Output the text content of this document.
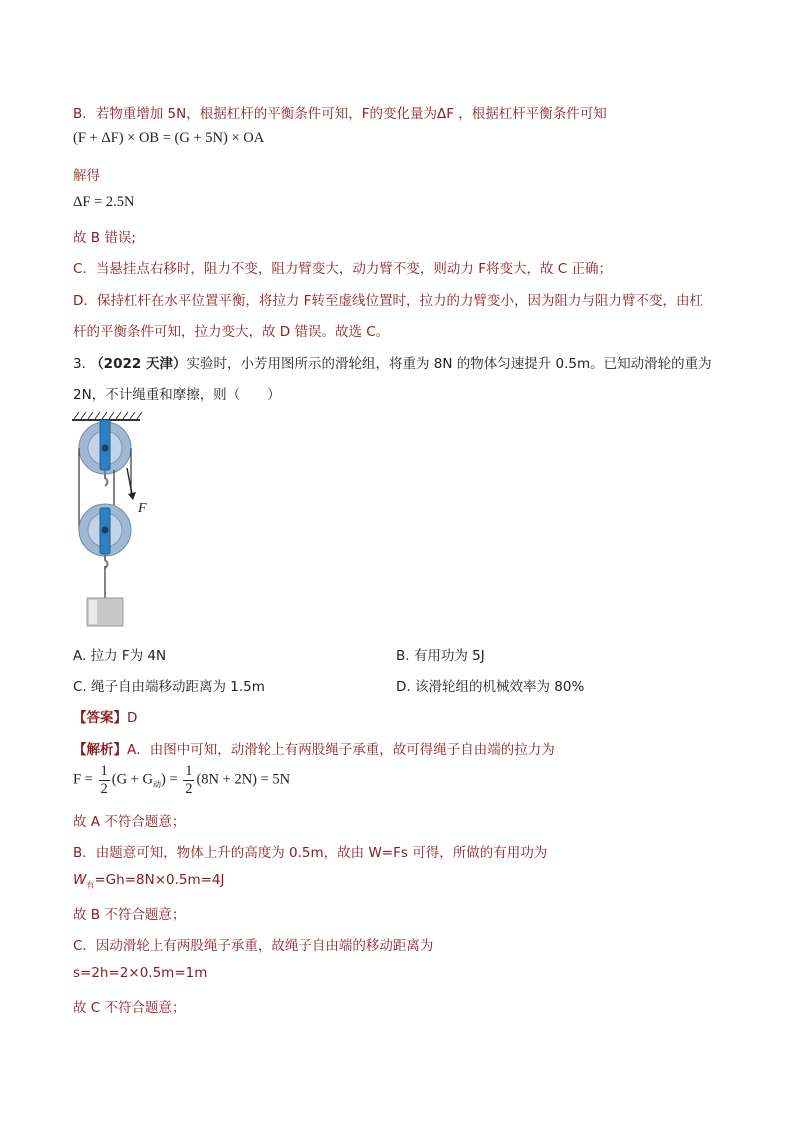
B．若物重增加 5N，根据杠杆的平衡条件可知，F的变化量为ΔF ，根据杠杆平衡条件可知
(F + ΔF) × OB = (G + 5N) × OA
解得
ΔF = 2.5N
故 B 错误;
C．当悬挂点右移时，阻力不变，阻力臂变大，动力臂不变，则动力 F将变大，故 C 正确；
D．保持杠杆在水平位置平衡，将拉力 F转至虚线位置时，拉力的力臂变小，因为阻力与阻力臂不变，由杠
杆的平衡条件可知，拉力变大，故 D 错误。故选 C。
3. （2022 天津）实验时，小芳用图所示的滑轮组，将重为 8N 的物体匀速提升 0.5m。已知动滑轮的重为
2N，不计绳重和摩擦，则（　　）
F
A. 拉力 F为 4N	B. 有用功为 5J
C. 绳子自由端移动距离为 1.5m	D. 该滑轮组的机械效率为 80%
【答案】D
【解析】A．由图中可知，动滑轮上有两股绳子承重，故可得绳子自由端的拉力为
$F = \frac{1}{2} (G + G_动) = \frac{1}{2} (8N + 2N) = 5N$
故 A 不符合题意；
B．由题意可知，物体上升的高度为 0.5m，故由 W=Fs 可得，所做的有用功为
$W_有=Gh=8N\times 0.5m=4J$
故 B 不符合题意；
C．因动滑轮上有两股绳子承重，故绳子自由端的移动距离为
s=2h=2×0.5m=1m
故 C 不符合题意；
